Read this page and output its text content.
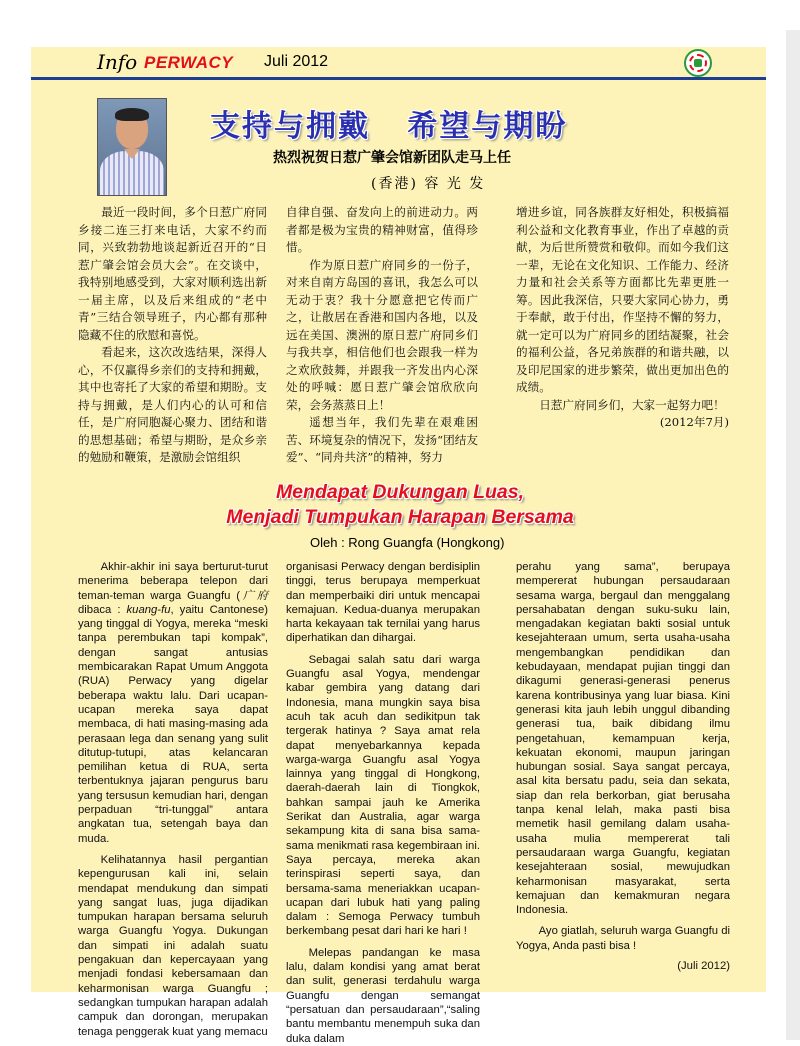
Info PERWACY Juli 2012
支持与拥戴   希望与期盼
热烈祝贺日惹广肇会馆新团队走马上任
(香港) 容 光 发

最近一段时间，多个日惹广府同乡接二连三打来电话，大家不约而同，兴致勃勃地谈起新近召开的“日惹广肇会馆会员大会”。在交谈中，我特别地感受到，大家对顺利选出新一届主席，以及后来组成的“老中青”三结合领导班子，内心都有那种隐藏不住的欣慰和喜悦。

看起来，这次改选结果，深得人心，不仅赢得乡亲们的支持和拥戴，其中也寄托了大家的希望和期盼。支持与拥戴，是人们内心的认可和信任，是广府同胞凝心聚力、团结和谐的思想基础；希望与期盼，是众乡亲的勉励和鞭策，是激励会馆组织

自律自强、奋发向上的前进动力。两者都是极为宝贵的精神财富，值得珍惜。

作为原日惹广府同乡的一份子，对来自南方岛国的喜讯，我怎么可以无动于衷？我十分愿意把它传而广之，让散居在香港和国内各地，以及远在美国、澳洲的原日惹广府同乡们与我共享，相信他们也会跟我一样为之欢欣鼓舞，并跟我一齐发出内心深处的呼喊：愿日惹广肇会馆欣欣向荣，会务蒸蒸日上！

遥想当年，我们先辈在艰难困苦、环境复杂的情况下，发扬“团结友爱”、“同舟共济”的精神，努力

增进乡谊，同各族群友好相处，积极搞福利公益和文化教育事业，作出了卓越的贡献，为后世所赞赏和敬仰。而如今我们这一辈，无论在文化知识、工作能力、经济力量和社会关系等方面都比先辈更胜一筹。因此我深信，只要大家同心协力，勇于奉献，敢于付出，作坚持不懈的努力，就一定可以为广府同乡的团结凝聚，社会的福利公益，各兄弟族群的和谐共融，以及印尼国家的进步繁荣，做出更加出色的成绩。

日惹广府同乡们，大家一起努力吧！

(2012年7月)

Mendapat Dukungan Luas,
Menjadi Tumpukan Harapan Bersama
Oleh : Rong Guangfa (Hongkong)

Akhir-akhir ini saya berturut-turut menerima beberapa telepon dari teman-teman warga Guangfu (广府 dibaca : kuang-fu, yaitu Cantonese) yang tinggal di Yogya, mereka “meski tanpa perembukan tapi kompak”, dengan sangat antusias membicarakan Rapat Umum Anggota (RUA) Perwacy yang digelar beberapa waktu lalu. Dari ucapan-ucapan mereka saya dapat membaca, di hati masing-masing ada perasaan lega dan senang yang sulit ditutup-tutupi, atas kelancaran pemilihan ketua di RUA, serta terbentuknya jajaran pengurus baru yang tersusun kemudian hari, dengan perpaduan “tri-tunggal” antara angkatan tua, setengah baya dan muda.

Kelihatannya hasil pergantian kepengurusan kali ini, selain mendapat mendukung dan simpati yang sangat luas, juga dijadikan tumpukan harapan bersama seluruh warga Guangfu Yogya. Dukungan dan simpati ini adalah suatu pengakuan dan kepercayaan yang menjadi fondasi kebersamaan dan keharmonisan warga Guangfu ; sedangkan tumpukan harapan adalah campuk dan dorongan, merupakan tenaga penggerak kuat yang memacu

organisasi Perwacy dengan berdisiplin tinggi, terus berupaya memperkuat dan memperbaiki diri untuk mencapai kemajuan. Kedua-duanya merupakan harta kekayaan tak ternilai yang harus diperhatikan dan dihargai.

Sebagai salah satu dari warga Guangfu asal Yogya, mendengar kabar gembira yang datang dari Indonesia, mana mungkin saya bisa acuh tak acuh dan sedikitpun tak tergerak hatinya ? Saya amat rela dapat menyebarkannya kepada warga-warga Guangfu asal Yogya lainnya yang tinggal di Hongkong, daerah-daerah lain di Tiongkok, bahkan sampai jauh ke Amerika Serikat dan Australia, agar warga sekampung kita di sana bisa sama-sama menikmati rasa kegembiraan ini. Saya percaya, mereka akan terinspirasi seperti saya, dan bersama-sama meneriakkan ucapan-ucapan dari lubuk hati yang paling dalam : Semoga Perwacy tumbuh berkembang pesat dari hari ke hari !

Melepas pandangan ke masa lalu, dalam kondisi yang amat berat dan sulit, generasi terdahulu warga Guangfu dengan semangat “persatuan dan persaudaraan”,“saling bantu membantu menempuh suka dan duka dalam

perahu yang sama”, berupaya mempererat hubungan persaudaraan sesama warga, bergaul dan menggalang persahabatan dengan suku-suku lain, mengadakan kegiatan bakti sosial untuk kesejahteraan umum, serta usaha-usaha mengembangkan pendidikan dan kebudayaan, mendapat pujian tinggi dan dikagumi generasi-generasi penerus karena kontribusinya yang luar biasa. Kini generasi kita jauh lebih unggul dibanding generasi tua, baik dibidang ilmu pengetahuan, kemampuan kerja, kekuatan ekonomi, maupun jaringan hubungan sosial. Saya sangat percaya, asal kita bersatu padu, seia dan sekata, siap dan rela berkorban, giat berusaha tanpa kenal lelah, maka pasti bisa memetik hasil gemilang dalam usaha-usaha mulia mempererat tali persaudaraan warga Guangfu, kegiatan kesejahteraan sosial, mewujudkan keharmonisan masyarakat, serta kemajuan dan kemakmuran negara Indonesia.

Ayo giatlah, seluruh warga Guangfu di Yogya, Anda pasti bisa !

(Juli 2012)
